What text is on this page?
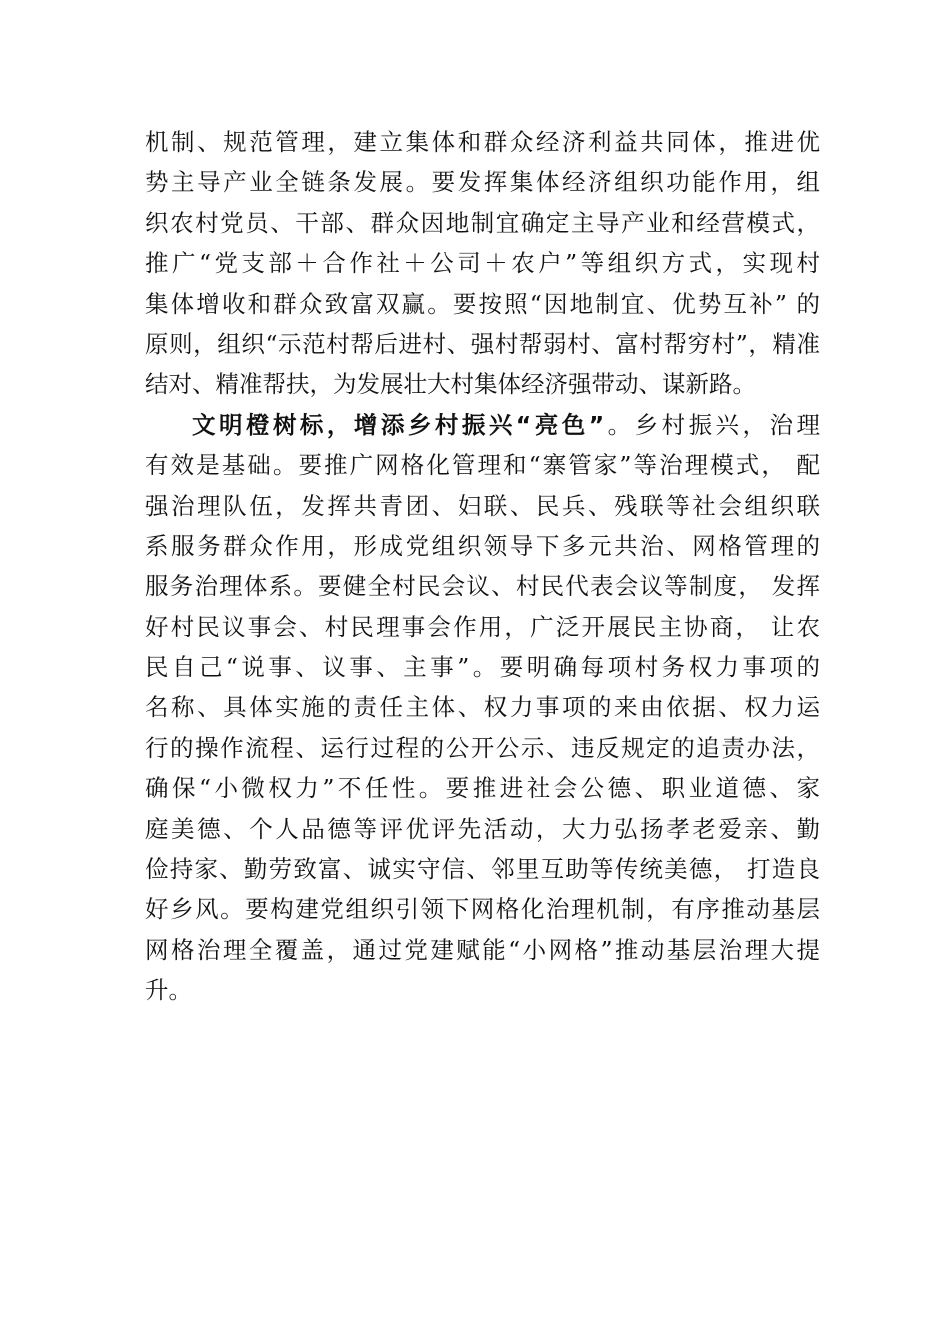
机制、规范管理，建立集体和群众经济利益共同体，推进优
势主导产业全链条发展。要发挥集体经济组织功能作用，组
织农村党员、干部、群众因地制宜确定主导产业和经营模式，
推广“党支部＋合作社＋公司＋农户”等组织方式，实现村
集体增收和群众致富双赢。要按照“因地制宜、优势互补” 的
原则，组织“示范村帮后进村、强村帮弱村、富村帮穷村”，精准
结对、精准帮扶，为发展壮大村集体经济强带动、谋新路。
文明橙树标，增添乡村振兴“亮色”。乡村振兴，治理
有效是基础。要推广网格化管理和“寨管家”等治理模式， 配
强治理队伍，发挥共青团、妇联、民兵、残联等社会组织联
系服务群众作用，形成党组织领导下多元共治、网格管理的
服务治理体系。要健全村民会议、村民代表会议等制度， 发挥
好村民议事会、村民理事会作用，广泛开展民主协商， 让农
民自己“说事、议事、主事”。要明确每项村务权力事项的
名称、具体实施的责任主体、权力事项的来由依据、权力运
行的操作流程、运行过程的公开公示、违反规定的追责办法，
确保“小微权力”不任性。要推进社会公德、职业道德、家
庭美德、个人品德等评优评先活动，大力弘扬孝老爱亲、勤
俭持家、勤劳致富、诚实守信、邻里互助等传统美德， 打造良
好乡风。要构建党组织引领下网格化治理机制，有序推动基层
网格治理全覆盖，通过党建赋能“小网格”推动基层治理大提
升。
